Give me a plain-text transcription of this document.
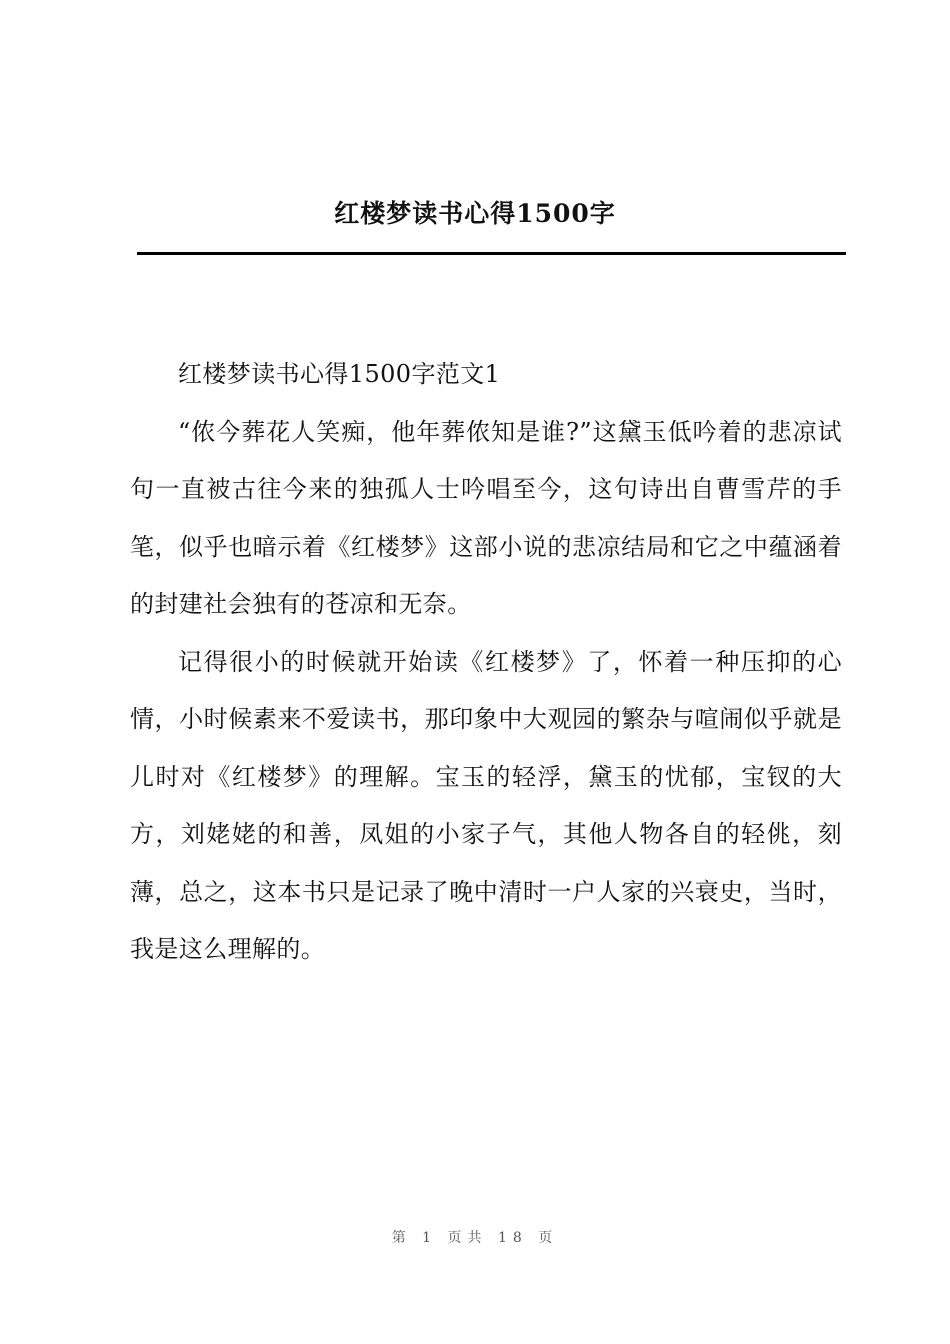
红楼梦读书心得1500字

红楼梦读书心得1500字范文1

“侬今葬花人笑痴，他年葬侬知是谁?”这黛玉低吟着的悲凉试句一直被古往今来的独孤人士吟唱至今，这句诗出自曹雪芹的手笔，似乎也暗示着《红楼梦》这部小说的悲凉结局和它之中蕴涵着的封建社会独有的苍凉和无奈。

记得很小的时候就开始读《红楼梦》了，怀着一种压抑的心情，小时候素来不爱读书，那印象中大观园的繁杂与喧闹似乎就是儿时对《红楼梦》的理解。宝玉的轻浮，黛玉的忧郁，宝钗的大方，刘姥姥的和善，凤姐的小家子气，其他人物各自的轻佻，刻薄，总之，这本书只是记录了晚中清时一户人家的兴衰史，当时，我是这么理解的。

第 1 页共 18 页
